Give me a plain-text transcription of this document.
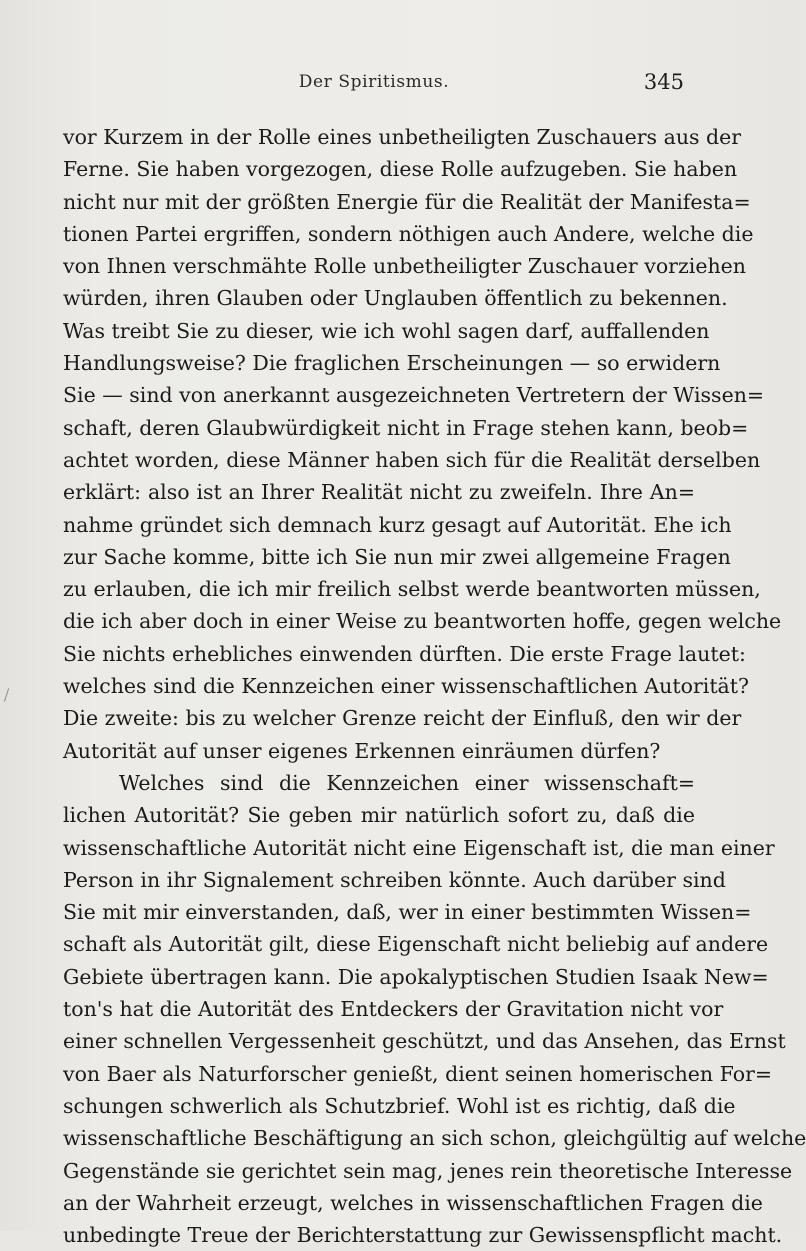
Der Spiritismus.	345
vor Kurzem in der Rolle eines unbetheiligten Zuschauers aus der
Ferne. Sie haben vorgezogen, diese Rolle aufzugeben. Sie haben
nicht nur mit der größten Energie für die Realität der Manifesta=
tionen Partei ergriffen, sondern nöthigen auch Andere, welche die
von Ihnen verschmähte Rolle unbetheiligter Zuschauer vorziehen
würden, ihren Glauben oder Unglauben öffentlich zu bekennen.
Was treibt Sie zu dieser, wie ich wohl sagen darf, auffallenden
Handlungsweise? Die fraglichen Erscheinungen — so erwidern
Sie — sind von anerkannt ausgezeichneten Vertretern der Wissen=
schaft, deren Glaubwürdigkeit nicht in Frage stehen kann, beob=
achtet worden, diese Männer haben sich für die Realität derselben
erklärt: also ist an Ihrer Realität nicht zu zweifeln. Ihre An=
nahme gründet sich demnach kurz gesagt auf Autorität. Ehe ich
zur Sache komme, bitte ich Sie nun mir zwei allgemeine Fragen
zu erlauben, die ich mir freilich selbst werde beantworten müssen,
die ich aber doch in einer Weise zu beantworten hoffe, gegen welche
Sie nichts erhebliches einwenden dürften. Die erste Frage lautet:
welches sind die Kennzeichen einer wissenschaftlichen Autorität?
Die zweite: bis zu welcher Grenze reicht der Einfluß, den wir der
Autorität auf unser eigenes Erkennen einräumen dürfen?
Welches sind die Kennzeichen einer wissenschaft=
lichen Autorität? Sie geben mir natürlich sofort zu, daß die
wissenschaftliche Autorität nicht eine Eigenschaft ist, die man einer
Person in ihr Signalement schreiben könnte. Auch darüber sind
Sie mit mir einverstanden, daß, wer in einer bestimmten Wissen=
schaft als Autorität gilt, diese Eigenschaft nicht beliebig auf andere
Gebiete übertragen kann. Die apokalyptischen Studien Isaak New=
ton's hat die Autorität des Entdeckers der Gravitation nicht vor
einer schnellen Vergessenheit geschützt, und das Ansehen, das Ernst
von Baer als Naturforscher genießt, dient seinen homerischen For=
schungen schwerlich als Schutzbrief. Wohl ist es richtig, daß die
wissenschaftliche Beschäftigung an sich schon, gleichgültig auf welche
Gegenstände sie gerichtet sein mag, jenes rein theoretische Interesse
an der Wahrheit erzeugt, welches in wissenschaftlichen Fragen die
unbedingte Treue der Berichterstattung zur Gewissenspflicht macht.
